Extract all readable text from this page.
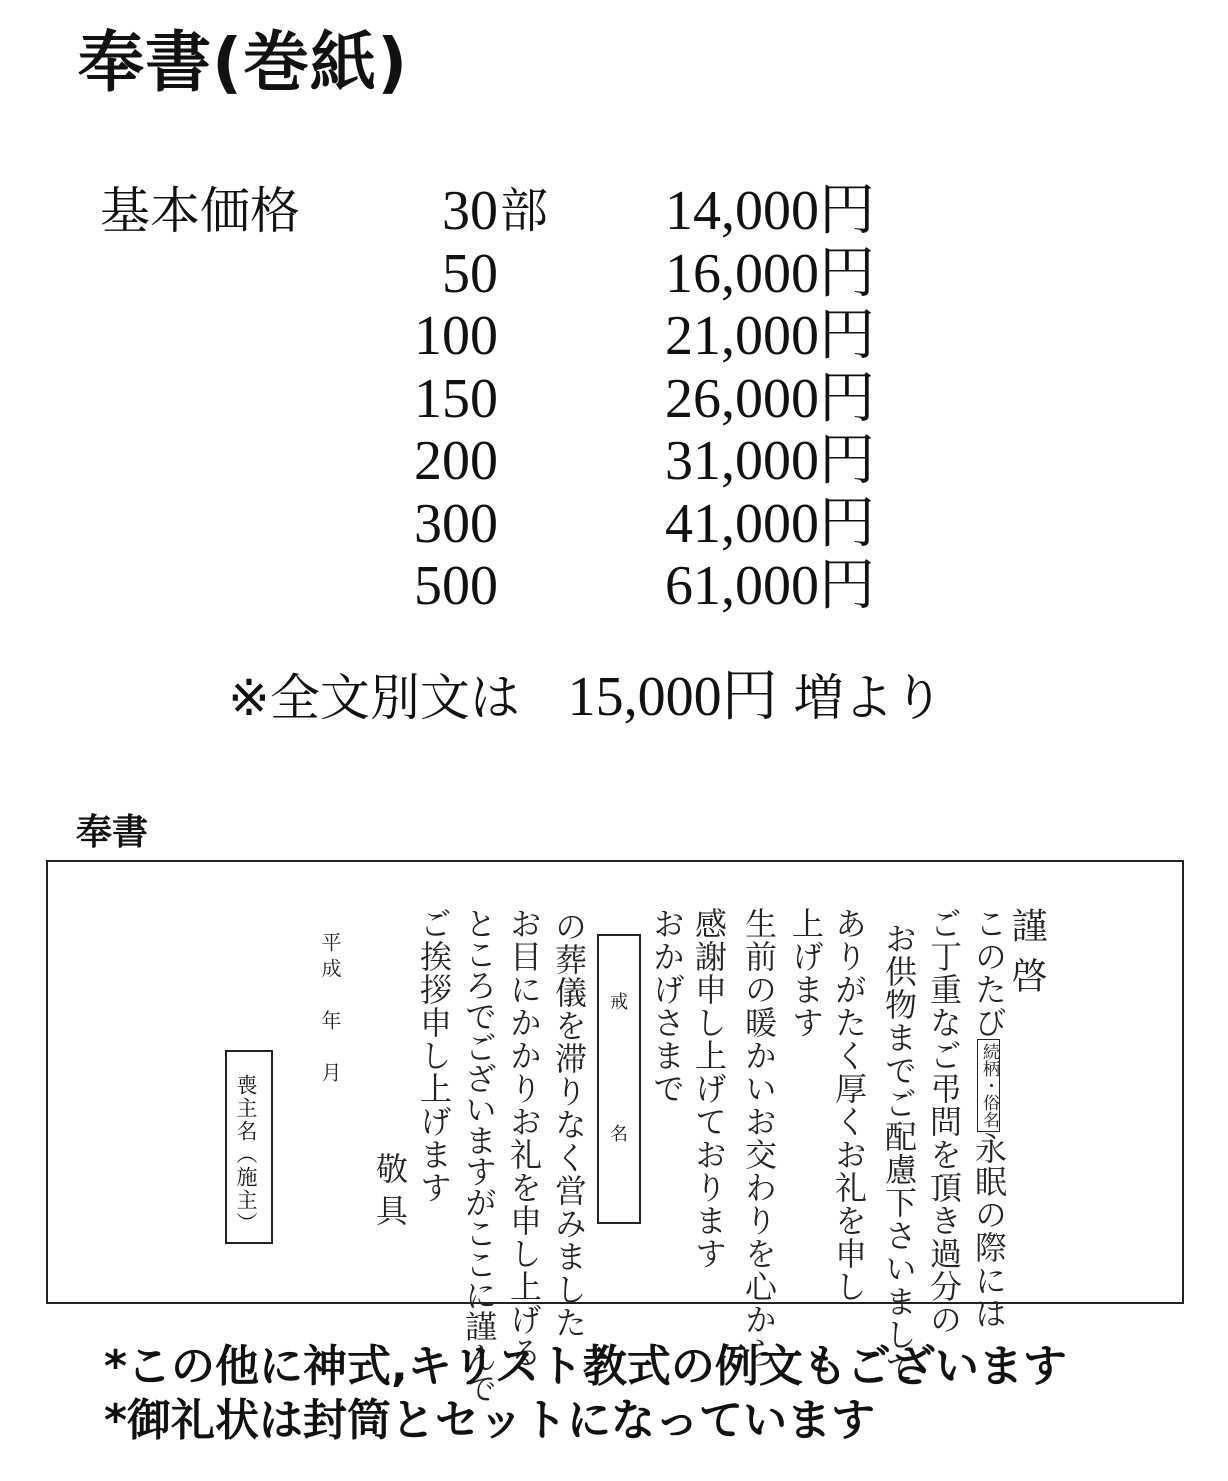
奉書(巻紙)
基本価格	30 部 14,000円
50	16,000円
100	21,000円
150	26,000円
200	31,000円
300	41,000円
500	61,000円
※全文別文は 15,000円 増より
奉書
謹啓
このたび続柄・俗名永眠の際には
ご丁重なご弔問を頂き過分の
お供物までご配慮下さいまして
ありがたく厚くお礼を申し
上げます
生前の暖かいお交わりを心から
感謝申し上げております
おかげさまで
戒
名
の葬儀を滞りなく営みました
お目にかかりお礼を申し上げる
ところでございますがここに謹んで
ご挨拶申し上げます
敬具
平成　年　月
喪主名（施主）
*この他に神式,キリスト教式の例文もございます
*御礼状は封筒とセットになっています
